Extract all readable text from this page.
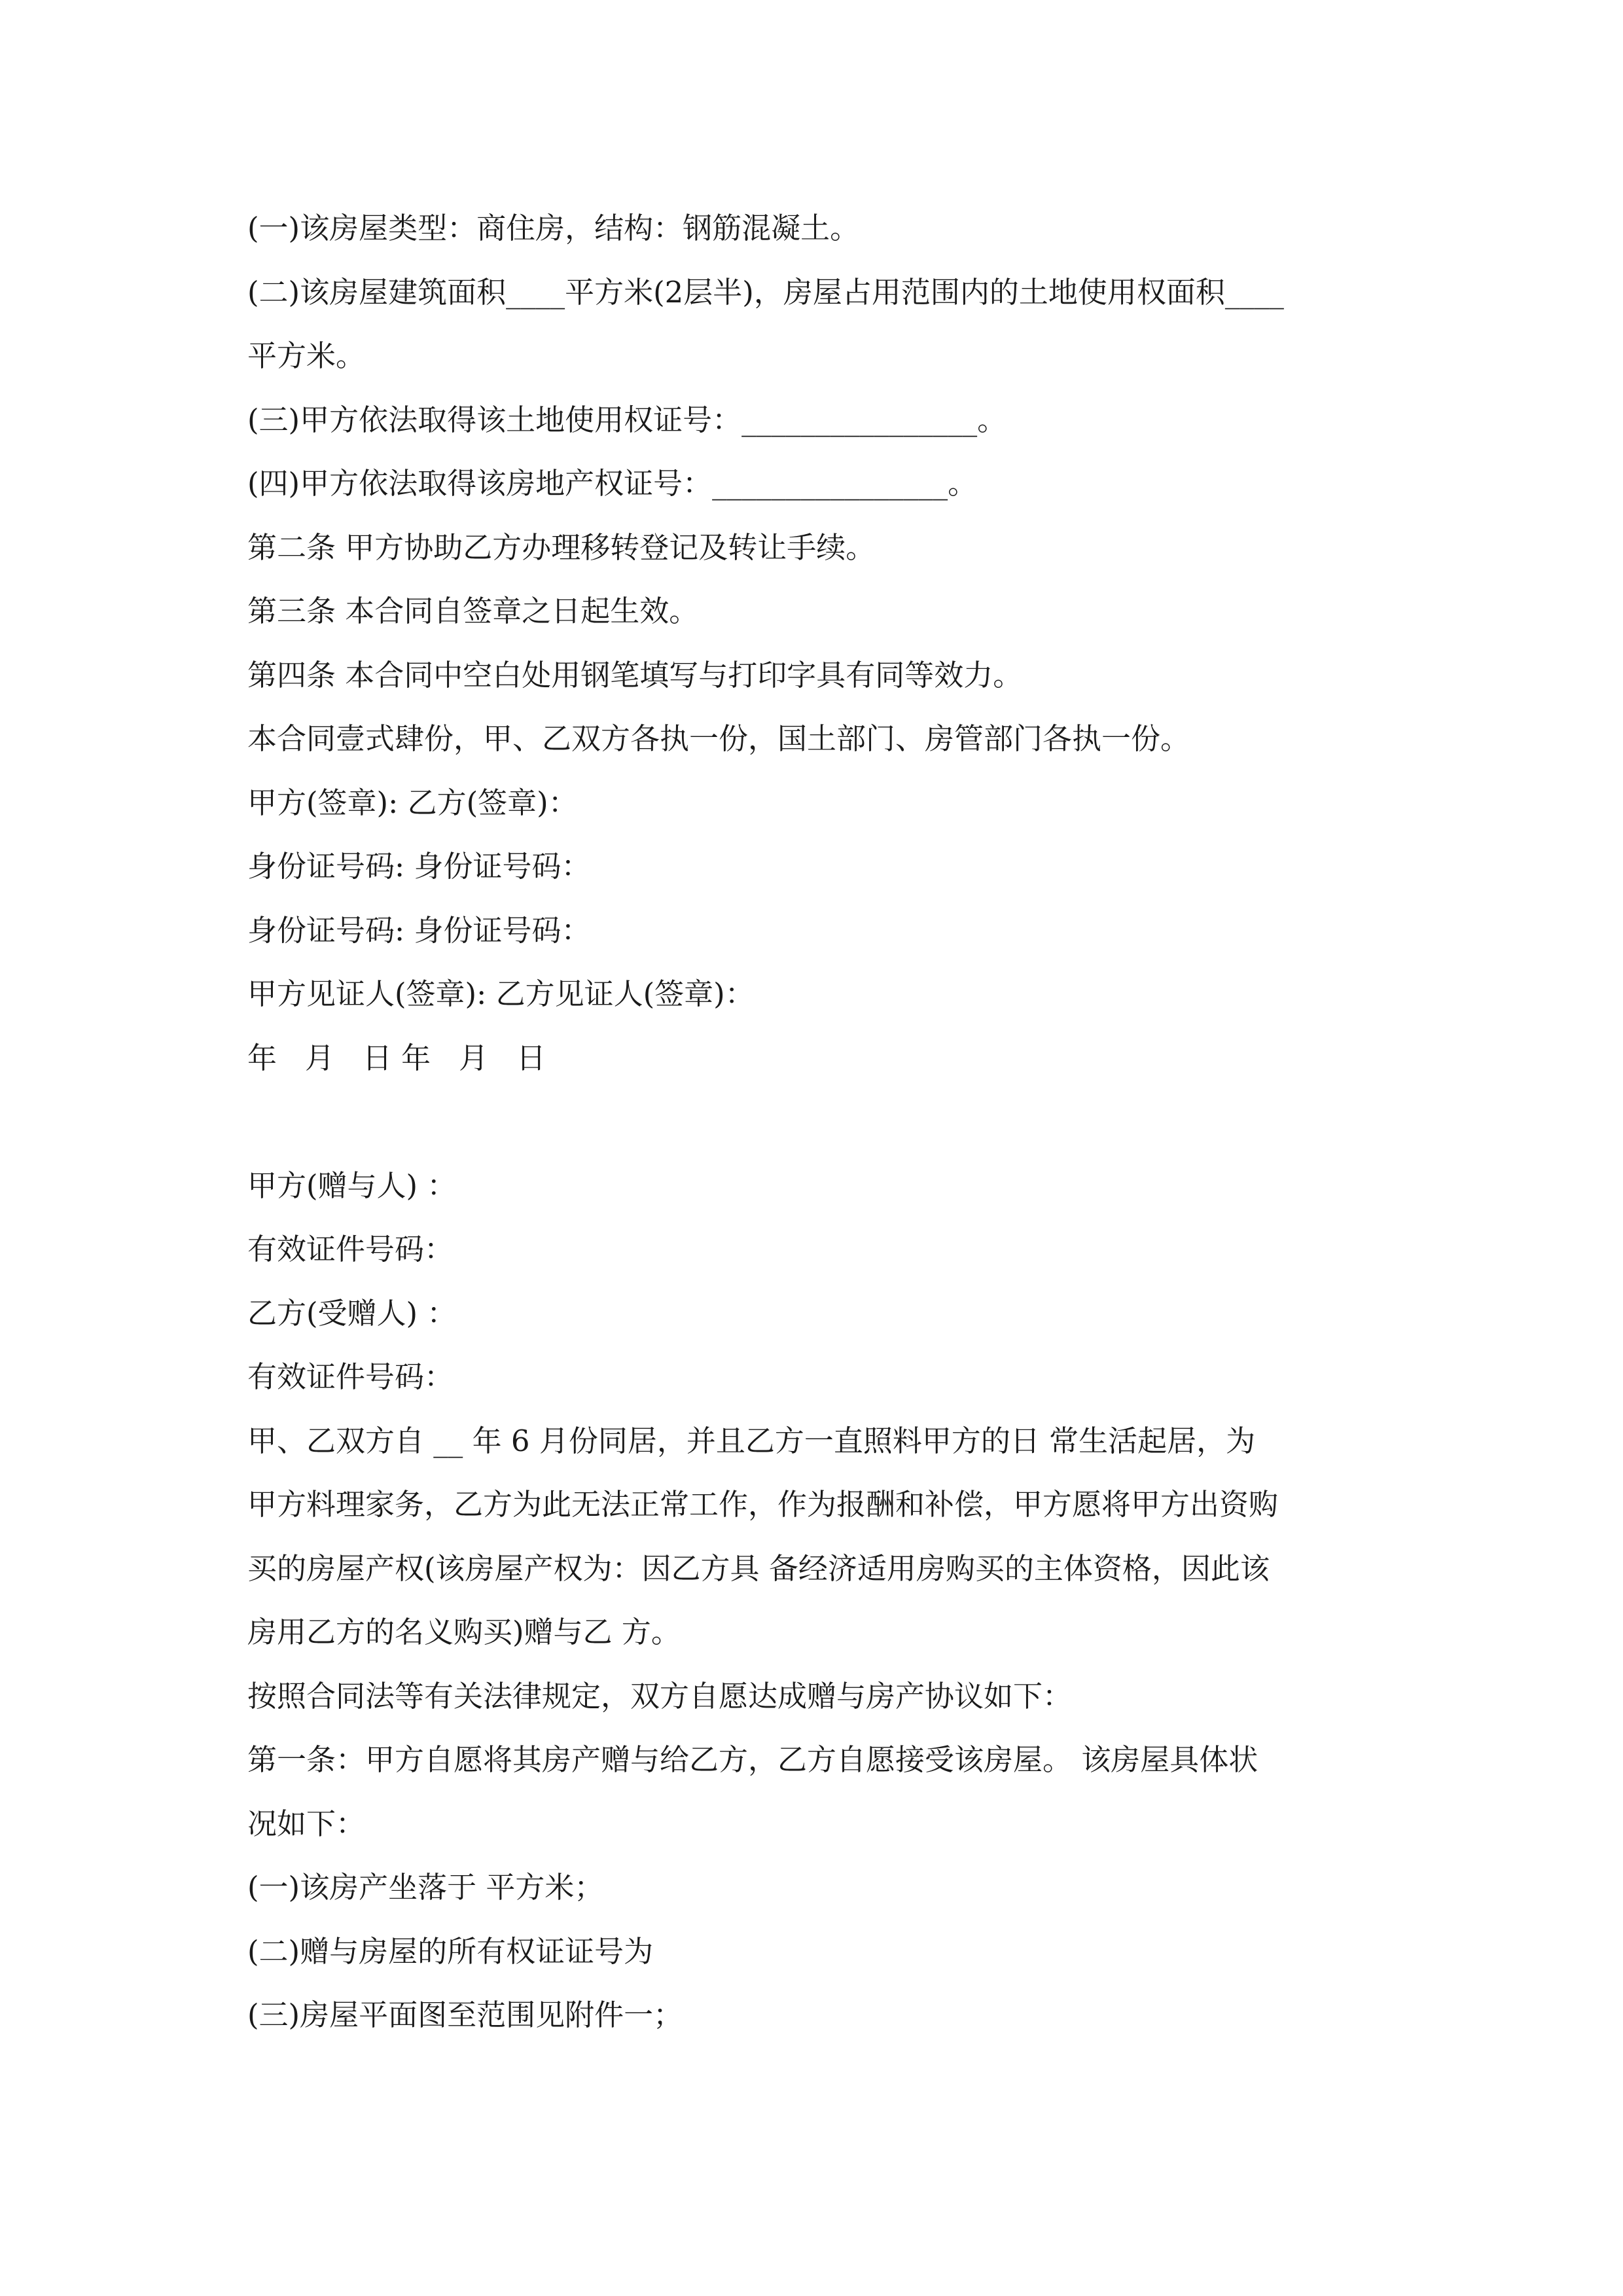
(一)该房屋类型：商住房，结构：钢筋混凝土。
(二)该房屋建筑面积____平方米(2层半)，房屋占用范围内的土地使用权面积____
平方米。
(三)甲方依法取得该土地使用权证号：________________。
(四)甲方依法取得该房地产权证号：________________。
第二条 甲方协助乙方办理移转登记及转让手续。
第三条 本合同自签章之日起生效。
第四条 本合同中空白处用钢笔填写与打印字具有同等效力。
本合同壹式肆份，甲、乙双方各执一份，国土部门、房管部门各执一份。
甲方(签章): 乙方(签章)：
身份证号码: 身份证号码：
身份证号码: 身份证号码：
甲方见证人(签章): 乙方见证人(签章)：
年   月   日 年   月   日
甲方(赠与人) ：
有效证件号码：
乙方(受赠人) ：
有效证件号码：
甲、乙双方自 __ 年 6 月份同居，并且乙方一直照料甲方的日 常生活起居，为
甲方料理家务，乙方为此无法正常工作，作为报酬和补偿，甲方愿将甲方出资购
买的房屋产权(该房屋产权为：因乙方具 备经济适用房购买的主体资格，因此该
房用乙方的名义购买)赠与乙 方。
按照合同法等有关法律规定，双方自愿达成赠与房产协议如下：
第一条：甲方自愿将其房产赠与给乙方，乙方自愿接受该房屋。 该房屋具体状
况如下：
(一)该房产坐落于 平方米；
(二)赠与房屋的所有权证证号为
(三)房屋平面图至范围见附件一；
